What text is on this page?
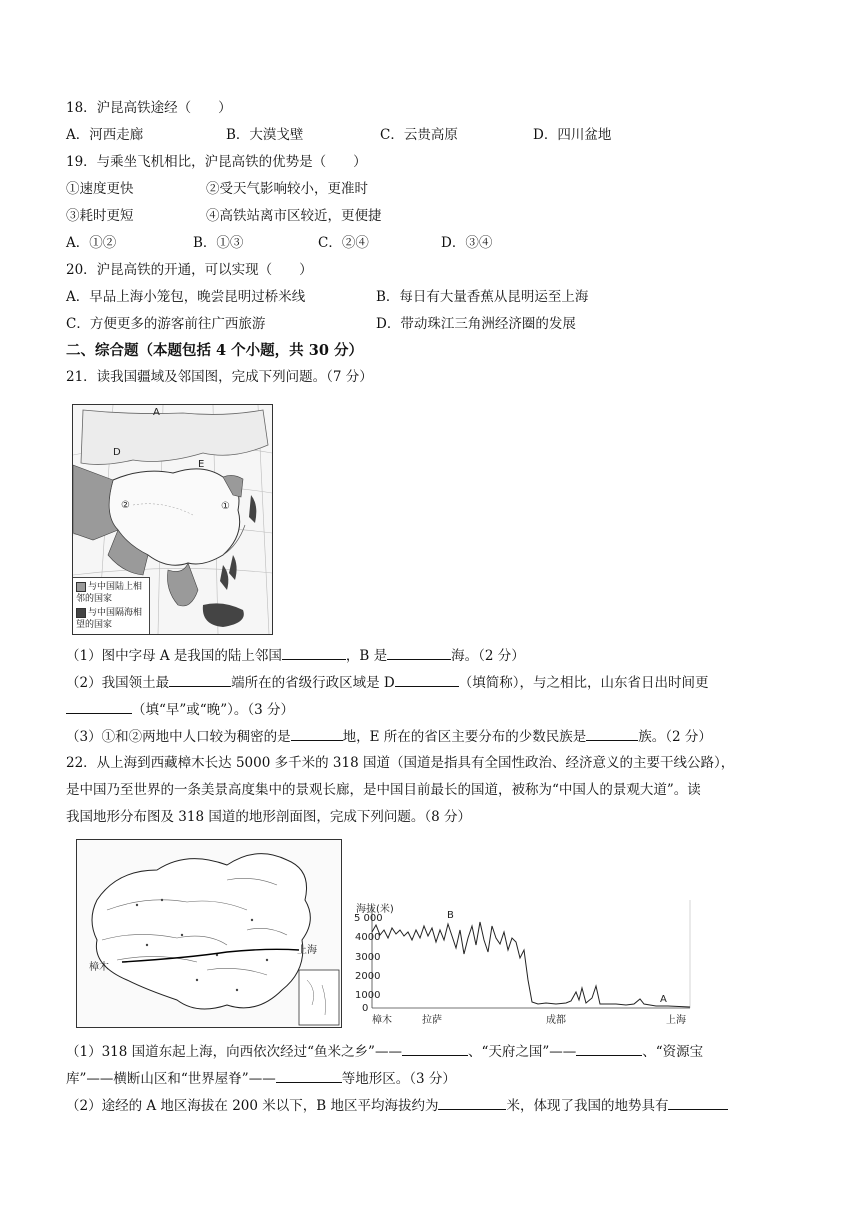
18．沪昆高铁途经（　　）
A．河西走廊	B．大漠戈壁	C．云贵高原	D．四川盆地
19．与乘坐飞机相比，沪昆高铁的优势是（　　）
①速度更快	②受天气影响较小，更准时
③耗时更短	④高铁站离市区较近，更便捷
A．①②	B．①③	C．②④	D．③④
20．沪昆高铁的开通，可以实现（　　）
A．早品上海小笼包，晚尝昆明过桥米线	B．每日有大量香蕉从昆明运至上海
C．方便更多的游客前往广西旅游	D．带动珠江三角洲经济圈的发展
二、综合题（本题包括 4 个小题，共 30 分）
21．读我国疆域及邻国图，完成下列问题。（7 分）
A
D
E
②	①
与中国陆上相邻的国家
与中国隔海相望的国家
（1）图中字母 A 是我国的陆上邻国	，B 是	海。（2 分）
（2）我国领土最	端所在的省级行政区域是 D	（填简称），与之相比，山东省日出时间更
（填“早”或“晚”）。（3 分）
（3）①和②两地中人口较为稠密的是	地，E 所在的省区主要分布的少数民族是	族。（2 分）
22．从上海到西藏樟木长达 5000 多千米的 318 国道（国道是指具有全国性政治、经济意义的主要干线公路），
是中国乃至世界的一条美景高度集中的景观长廊，是中国目前最长的国道，被称为“中国人的景观大道”。读
我国地形分布图及 318 国道的地形剖面图，完成下列问题。（8 分）
上海
樟木
海拔(米)
5 000
4000
3000
2000
1000
0
B
A
樟木	拉萨	成都	上海
（1）318 国道东起上海，向西依次经过“鱼米之乡”——	、“天府之国”——	、“资源宝
库”——横断山区和“世界屋脊”——	等地形区。（3 分）
（2）途经的 A 地区海拔在 200 米以下，B 地区平均海拔约为	米，体现了我国的地势具有
